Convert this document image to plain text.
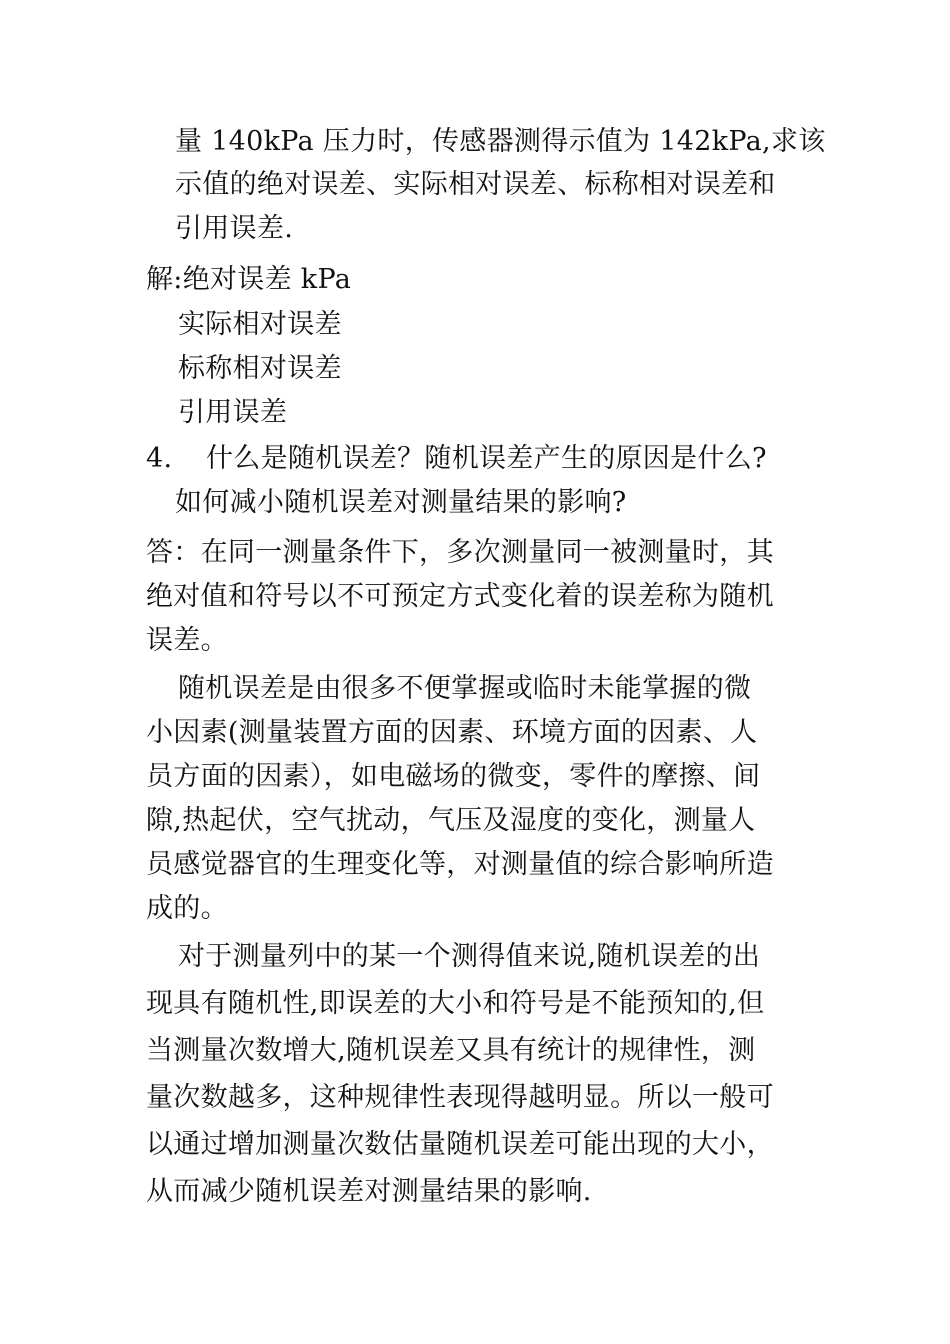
量 140kPa 压力时，传感器测得示值为 142kPa,求该
示值的绝对误差、实际相对误差、标称相对误差和
引用误差.
解:绝对误差 kPa
实际相对误差
标称相对误差
引用误差
4. 什么是随机误差？随机误差产生的原因是什么?
如何减小随机误差对测量结果的影响?
答：在同一测量条件下，多次测量同一被测量时，其
绝对值和符号以不可预定方式变化着的误差称为随机
误差。
随机误差是由很多不便掌握或临时未能掌握的微
小因素(测量装置方面的因素、环境方面的因素、人
员方面的因素），如电磁场的微变，零件的摩擦、间
隙,热起伏，空气扰动，气压及湿度的变化，测量人
员感觉器官的生理变化等，对测量值的综合影响所造
成的。
对于测量列中的某一个测得值来说,随机误差的出
现具有随机性,即误差的大小和符号是不能预知的,但
当测量次数增大,随机误差又具有统计的规律性，测
量次数越多，这种规律性表现得越明显。所以一般可
以通过增加测量次数估量随机误差可能出现的大小，
从而减少随机误差对测量结果的影响.
